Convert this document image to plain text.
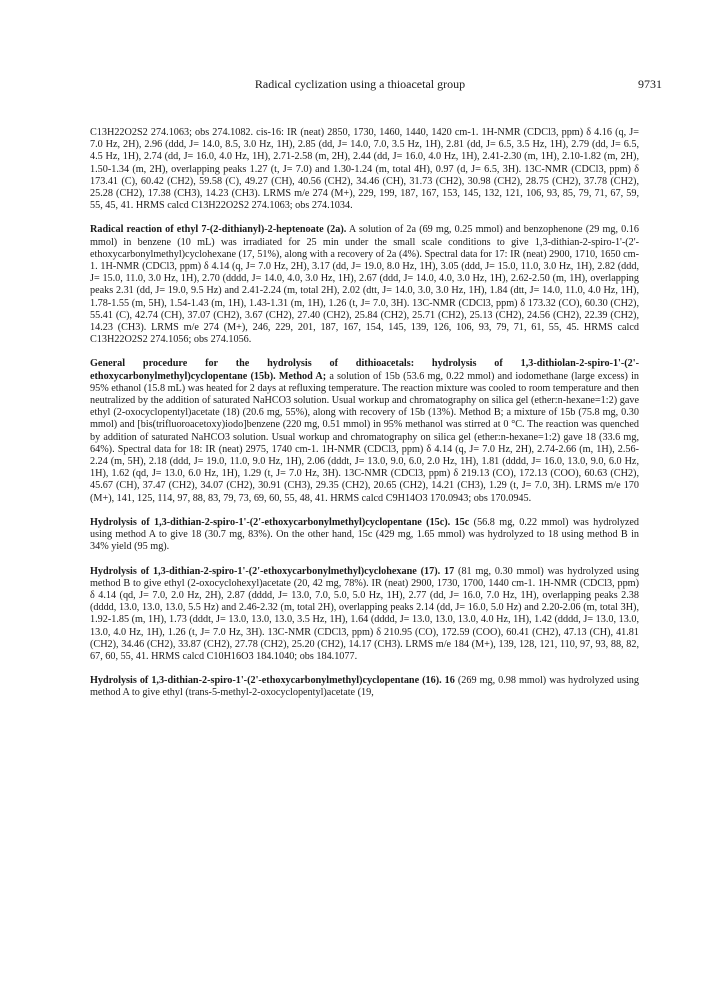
Radical cyclization using a thioacetal group	9731

C13H22O2S2 274.1063; obs 274.1082. cis-16: IR (neat) 2850, 1730, 1460, 1440, 1420 cm-1. 1H-NMR (CDCl3, ppm) δ 4.16 (q, J= 7.0 Hz, 2H), 2.96 (ddd, J= 14.0, 8.5, 3.0 Hz, 1H), 2.85 (dd, J= 14.0, 7.0, 3.5 Hz, 1H), 2.81 (dd, J= 6.5, 3.5 Hz, 1H), 2.79 (dd, J= 6.5, 4.5 Hz, 1H), 2.74 (dd, J= 16.0, 4.0 Hz, 1H), 2.71-2.58 (m, 2H), 2.44 (dd, J= 16.0, 4.0 Hz, 1H), 2.41-2.30 (m, 1H), 2.10-1.82 (m, 2H), 1.50-1.34 (m, 2H), overlapping peaks 1.27 (t, J= 7.0) and 1.30-1.24 (m, total 4H), 0.97 (d, J= 6.5, 3H). 13C-NMR (CDCl3, ppm) δ 173.41 (C), 60.42 (CH2), 59.58 (C), 49.27 (CH), 40.56 (CH2), 34.46 (CH), 31.73 (CH2), 30.98 (CH2), 28.75 (CH2), 37.78 (CH2), 25.28 (CH2), 17.38 (CH3), 14.23 (CH3). LRMS m/e 274 (M+), 229, 199, 187, 167, 153, 145, 132, 121, 106, 93, 85, 79, 71, 67, 59, 55, 45, 41. HRMS calcd C13H22O2S2 274.1063; obs 274.1034.

Radical reaction of ethyl 7-(2-dithianyl)-2-heptenoate (2a). A solution of 2a (69 mg, 0.25 mmol) and benzophenone (29 mg, 0.16 mmol) in benzene (10 mL) was irradiated for 25 min under the small scale conditions to give 1,3-dithian-2-spiro-1'-(2'-ethoxycarbonylmethyl)cyclohexane (17, 51%), along with a recovery of 2a (4%). Spectral data for 17: IR (neat) 2900, 1710, 1650 cm-1. 1H-NMR (CDCl3, ppm) δ 4.14 (q, J= 7.0 Hz, 2H), 3.17 (dd, J= 19.0, 8.0 Hz, 1H), 3.05 (ddd, J= 15.0, 11.0, 3.0 Hz, 1H), 2.82 (ddd, J= 15.0, 11.0, 3.0 Hz, 1H), 2.70 (dddd, J= 14.0, 4.0, 3.0 Hz, 1H), 2.67 (ddd, J= 14.0, 4.0, 3.0 Hz, 1H), 2.62-2.50 (m, 1H), overlapping peaks 2.31 (dd, J= 19.0, 9.5 Hz) and 2.41-2.24 (m, total 2H), 2.02 (dtt, J= 14.0, 3.0, 3.0 Hz, 1H), 1.84 (dtt, J= 14.0, 11.0, 4.0 Hz, 1H), 1.78-1.55 (m, 5H), 1.54-1.43 (m, 1H), 1.43-1.31 (m, 1H), 1.26 (t, J= 7.0, 3H). 13C-NMR (CDCl3, ppm) δ 173.32 (CO), 60.30 (CH2), 55.41 (C), 42.74 (CH), 37.07 (CH2), 3.67 (CH2), 27.40 (CH2), 25.84 (CH2), 25.71 (CH2), 25.13 (CH2), 24.56 (CH2), 22.39 (CH2), 14.23 (CH3). LRMS m/e 274 (M+), 246, 229, 201, 187, 167, 154, 145, 139, 126, 106, 93, 79, 71, 61, 55, 45. HRMS calcd C13H22O2S2 274.1056; obs 274.1056.

General procedure for the hydrolysis of dithioacetals: hydrolysis of 1,3-dithiolan-2-spiro-1'-(2'-ethoxycarbonylmethyl)cyclopentane (15b). Method A; a solution of 15b (53.6 mg, 0.22 mmol) and iodomethane (large excess) in 95% ethanol (15.8 mL) was heated for 2 days at refluxing temperature. The reaction mixture was cooled to room temperature and then neutralized by the addition of saturated NaHCO3 solution. Usual workup and chromatography on silica gel (ether:n-hexane=1:2) gave ethyl (2-oxocyclopentyl)acetate (18) (20.6 mg, 55%), along with recovery of 15b (13%). Method B; a mixture of 15b (75.8 mg, 0.30 mmol) and [bis(trifluoroacetoxy)iodo]benzene (220 mg, 0.51 mmol) in 95% methanol was stirred at 0 °C. The reaction was quenched by addition of saturated NaHCO3 solution. Usual workup and chromatography on silica gel (ether:n-hexane=1:2) gave 18 (33.6 mg, 64%). Spectral data for 18: IR (neat) 2975, 1740 cm-1. 1H-NMR (CDCl3, ppm) δ 4.14 (q, J= 7.0 Hz, 2H), 2.74-2.66 (m, 1H), 2.56-2.24 (m, 5H), 2.18 (ddd, J= 19.0, 11.0, 9.0 Hz, 1H), 2.06 (dddt, J= 13.0, 9.0, 6.0, 2.0 Hz, 1H), 1.81 (dddd, J= 16.0, 13.0, 9.0, 6.0 Hz, 1H), 1.62 (qd, J= 13.0, 6.0 Hz, 1H), 1.29 (t, J= 7.0 Hz, 3H). 13C-NMR (CDCl3, ppm) δ 219.13 (CO), 172.13 (COO), 60.63 (CH2), 45.67 (CH), 37.47 (CH2), 34.07 (CH2), 30.91 (CH3), 29.35 (CH2), 20.65 (CH2), 14.21 (CH3), 1.29 (t, J= 7.0, 3H). LRMS m/e 170 (M+), 141, 125, 114, 97, 88, 83, 79, 73, 69, 60, 55, 48, 41. HRMS calcd C9H14O3 170.0943; obs 170.0945.

Hydrolysis of 1,3-dithian-2-spiro-1'-(2'-ethoxycarbonylmethyl)cyclopentane (15c). 15c (56.8 mg, 0.22 mmol) was hydrolyzed using method A to give 18 (30.7 mg, 83%). On the other hand, 15c (429 mg, 1.65 mmol) was hydrolyzed to 18 using method B in 34% yield (95 mg).

Hydrolysis of 1,3-dithian-2-spiro-1'-(2'-ethoxycarbonylmethyl)cyclohexane (17). 17 (81 mg, 0.30 mmol) was hydrolyzed using method B to give ethyl (2-oxocyclohexyl)acetate (20, 42 mg, 78%). IR (neat) 2900, 1730, 1700, 1440 cm-1. 1H-NMR (CDCl3, ppm) δ 4.14 (qd, J= 7.0, 2.0 Hz, 2H), 2.87 (dddd, J= 13.0, 7.0, 5.0, 5.0 Hz, 1H), 2.77 (dd, J= 16.0, 7.0 Hz, 1H), overlapping peaks 2.38 (dddd, 13.0, 13.0, 13.0, 5.5 Hz) and 2.46-2.32 (m, total 2H), overlapping peaks 2.14 (dd, J= 16.0, 5.0 Hz) and 2.20-2.06 (m, total 3H), 1.92-1.85 (m, 1H), 1.73 (dddt, J= 13.0, 13.0, 13.0, 3.5 Hz, 1H), 1.64 (dddd, J= 13.0, 13.0, 13.0, 4.0 Hz, 1H), 1.42 (dddd, J= 13.0, 13.0, 13.0, 4.0 Hz, 1H), 1.26 (t, J= 7.0 Hz, 3H). 13C-NMR (CDCl3, ppm) δ 210.95 (CO), 172.59 (COO), 60.41 (CH2), 47.13 (CH), 41.81 (CH2), 34.46 (CH2), 33.87 (CH2), 27.78 (CH2), 25.20 (CH2), 14.17 (CH3). LRMS m/e 184 (M+), 139, 128, 121, 110, 97, 93, 88, 82, 67, 60, 55, 41. HRMS calcd C10H16O3 184.1040; obs 184.1077.

Hydrolysis of 1,3-dithian-2-spiro-1'-(2'-ethoxycarbonylmethyl)cyclopentane (16). 16 (269 mg, 0.98 mmol) was hydrolyzed using method A to give ethyl (trans-5-methyl-2-oxocyclopentyl)acetate (19,
